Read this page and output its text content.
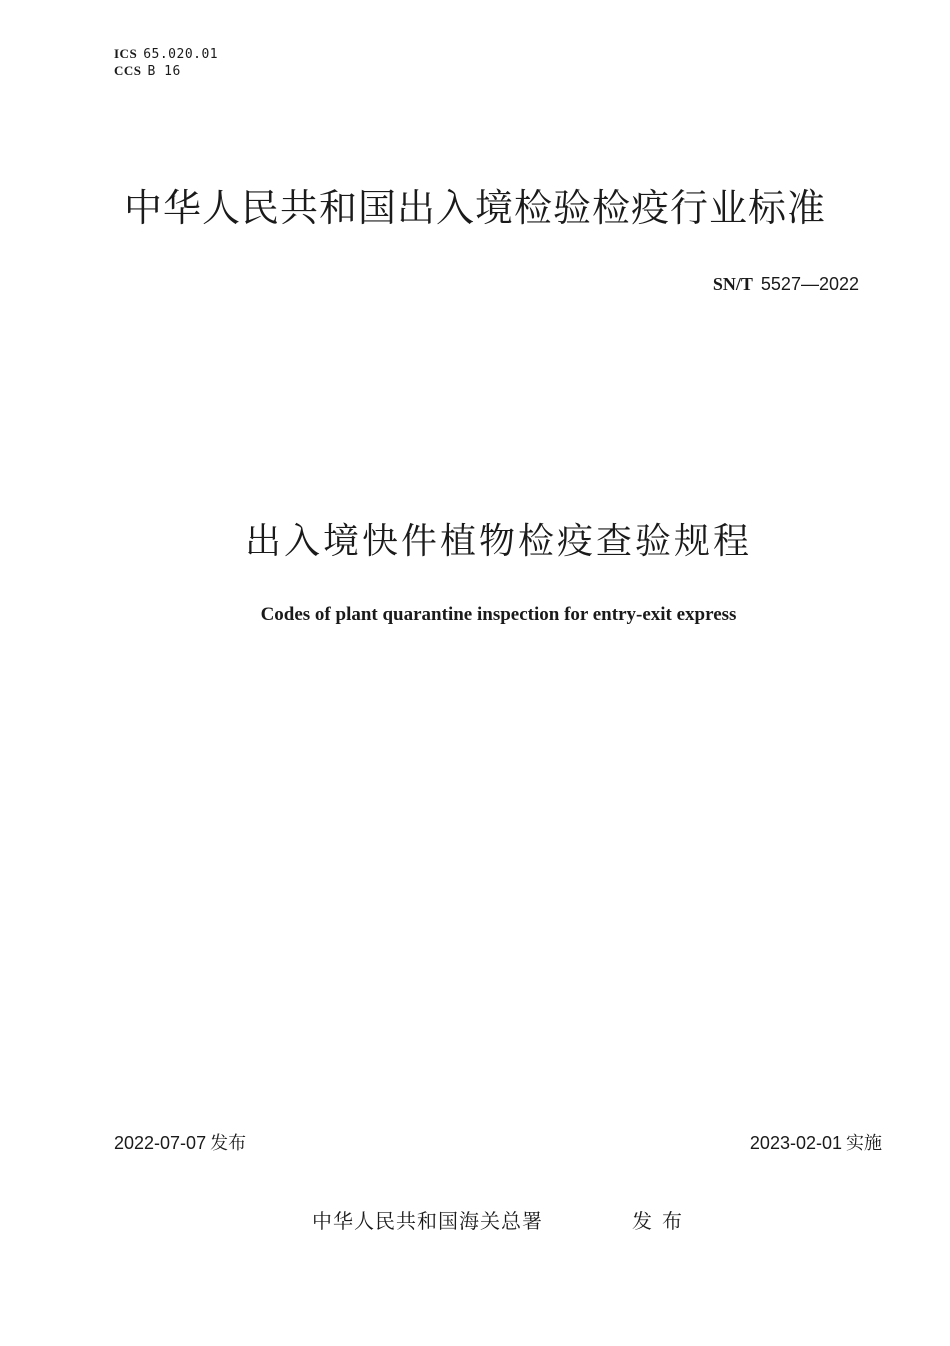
ICS 65.020.01
CCS B 16
中华人民共和国出入境检验检疫行业标准
SN/T 5527—2022
出入境快件植物检疫查验规程
Codes of plant quarantine inspection for entry-exit express
2022-07-07 发布	2023-02-01 实施
中华人民共和国海关总署	发布
